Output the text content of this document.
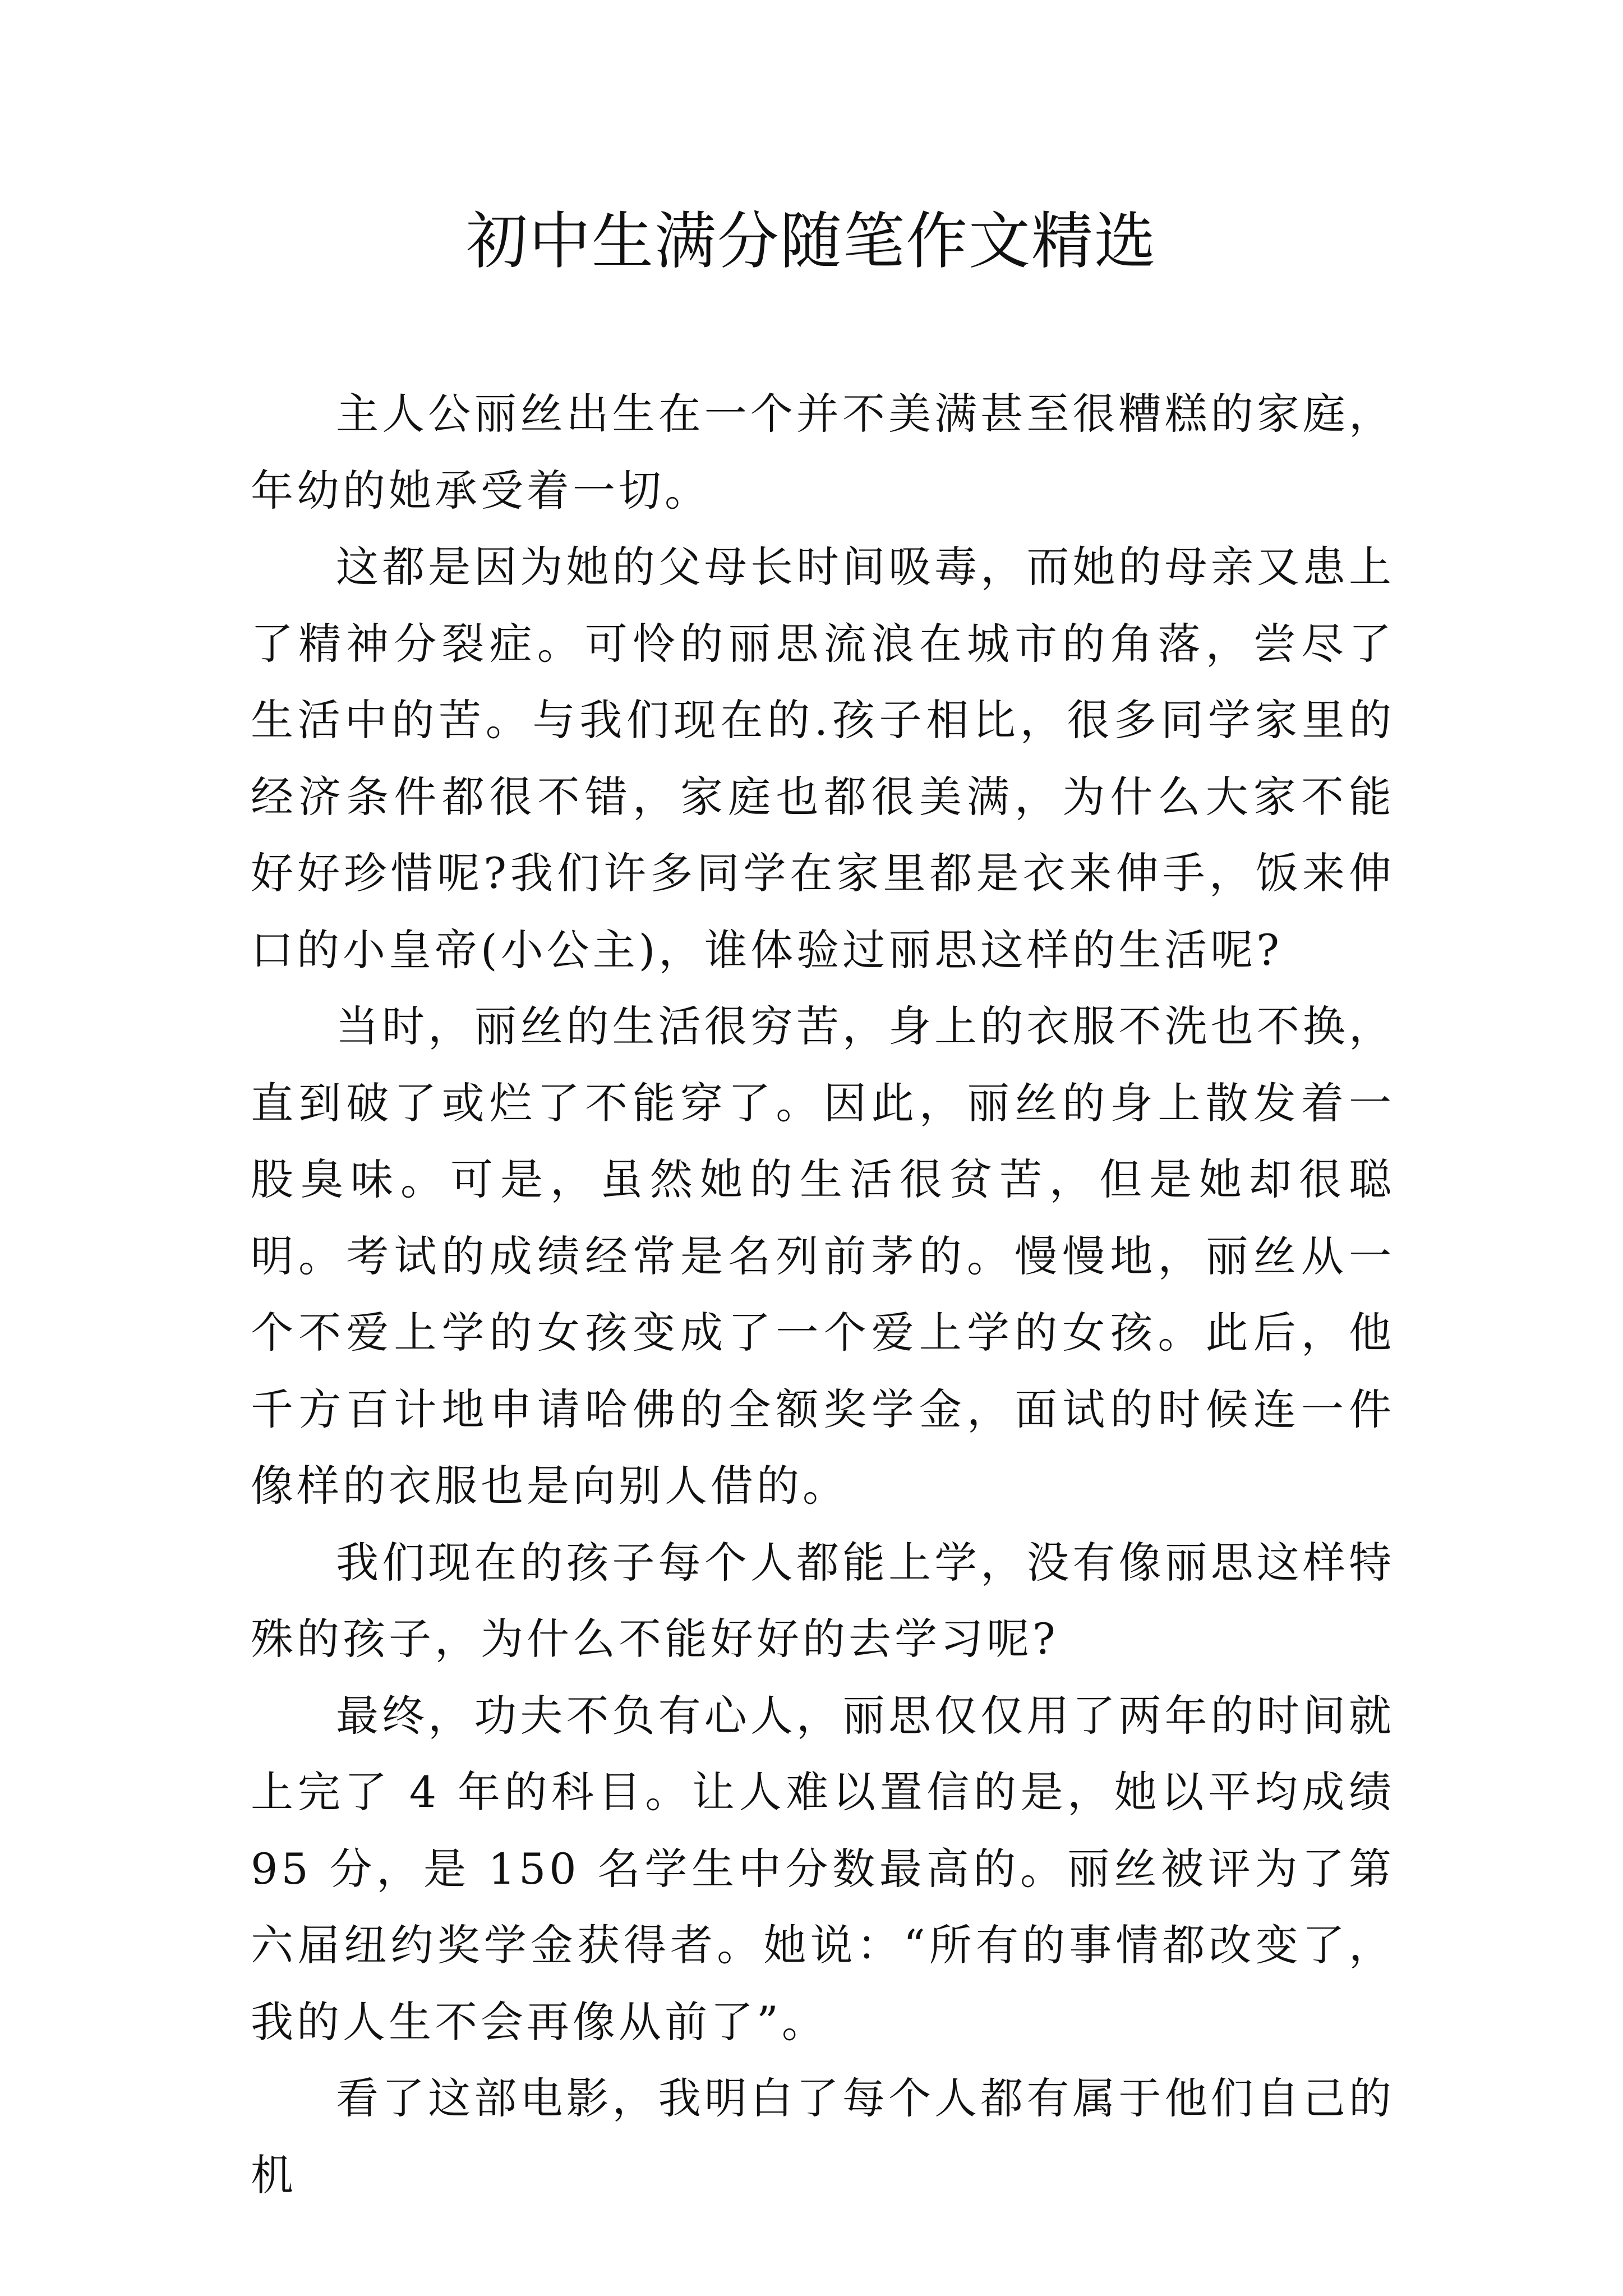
初中生满分随笔作文精选

主人公丽丝出生在一个并不美满甚至很糟糕的家庭，年幼的她承受着一切。

这都是因为她的父母长时间吸毒，而她的母亲又患上了精神分裂症。可怜的丽思流浪在城市的角落，尝尽了生活中的苦。与我们现在的.孩子相比，很多同学家里的经济条件都很不错，家庭也都很美满，为什么大家不能好好珍惜呢?我们许多同学在家里都是衣来伸手，饭来伸口的小皇帝(小公主)，谁体验过丽思这样的生活呢?

当时，丽丝的生活很穷苦，身上的衣服不洗也不换，直到破了或烂了不能穿了。因此，丽丝的身上散发着一股臭味。可是，虽然她的生活很贫苦，但是她却很聪明。考试的成绩经常是名列前茅的。慢慢地，丽丝从一个不爱上学的女孩变成了一个爱上学的女孩。此后，他千方百计地申请哈佛的全额奖学金，面试的时候连一件像样的衣服也是向别人借的。

我们现在的孩子每个人都能上学，没有像丽思这样特殊的孩子，为什么不能好好的去学习呢?

最终，功夫不负有心人，丽思仅仅用了两年的时间就上完了 4 年的科目。让人难以置信的是，她以平均成绩 95 分，是 150 名学生中分数最高的。丽丝被评为了第六届纽约奖学金获得者。她说：“所有的事情都改变了，我的人生不会再像从前了”。

看了这部电影，我明白了每个人都有属于他们自己的机
